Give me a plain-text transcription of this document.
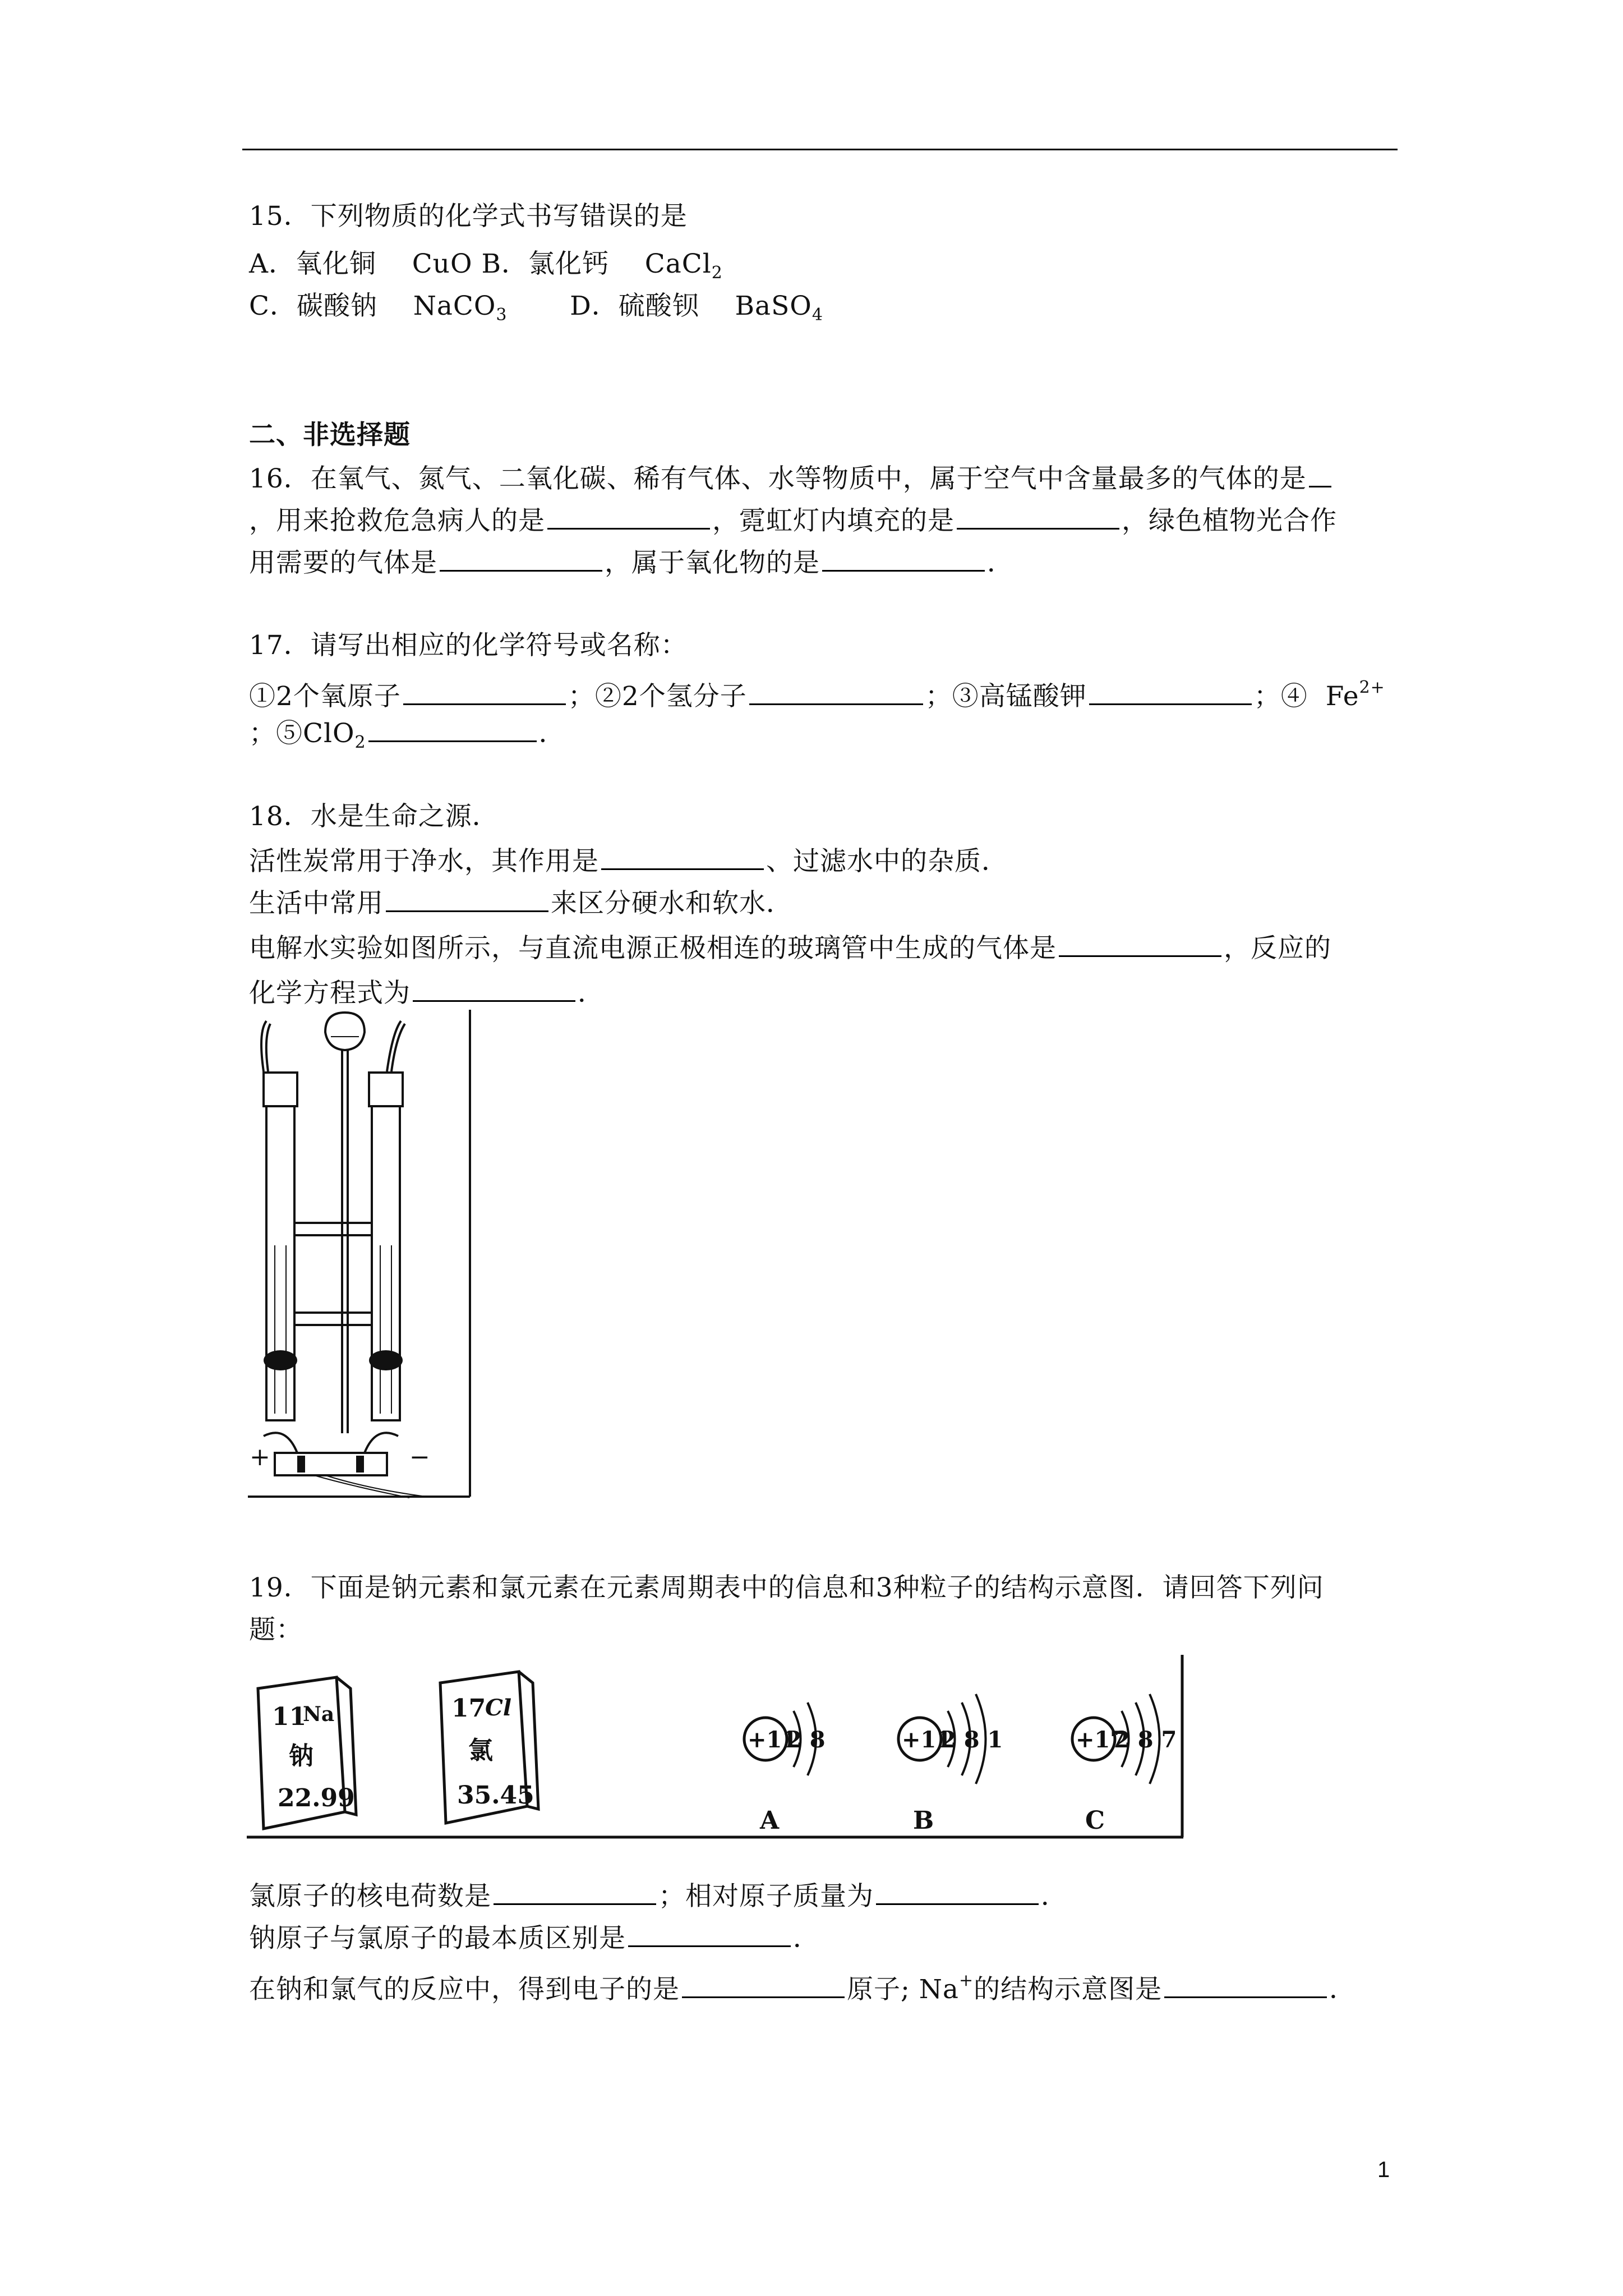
15．下列物质的化学式书写错误的是
A．氧化铜 CuO B．氯化钙 CaCl$_2$
C．碳酸钠 NaCO$_3$ D．硫酸钡 BaSO$_4$
二、非选择题
16．在氧气、氮气、二氧化碳、稀有气体、水等物质中，属于空气中含量最多的气体的是
，用来抢救危急病人的是	，霓虹灯内填充的是	，绿色植物光合作
用需要的气体是	，属于氧化物的是	．
17．请写出相应的化学符号或名称：
①2个氧原子	；②2个氢分子	；③高锰酸钾	；④ $Fe^{2+}$
；⑤ClO$_2$	．
18．水是生命之源．
活性炭常用于净水，其作用是	、过滤水中的杂质．
生活中常用	来区分硬水和软水．
电解水实验如图所示，与直流电源正极相连的玻璃管中生成的气体是	，反应的
化学方程式为	．
+	−
19．下面是钠元素和氯元素在元素周期表中的信息和3种粒子的结构示意图．请回答下列问
题：
11
Na
钠
22.99
17
Cl
氯
35.45
+11
2 8
A
+11
2 8 1
B
+17
2 8 7
C
氯原子的核电荷数是	；相对原子质量为	．
钠原子与氯原子的最本质区别是	．
在钠和氯气的反应中，得到电子的是	原子; Na+的结构示意图是	．
1
